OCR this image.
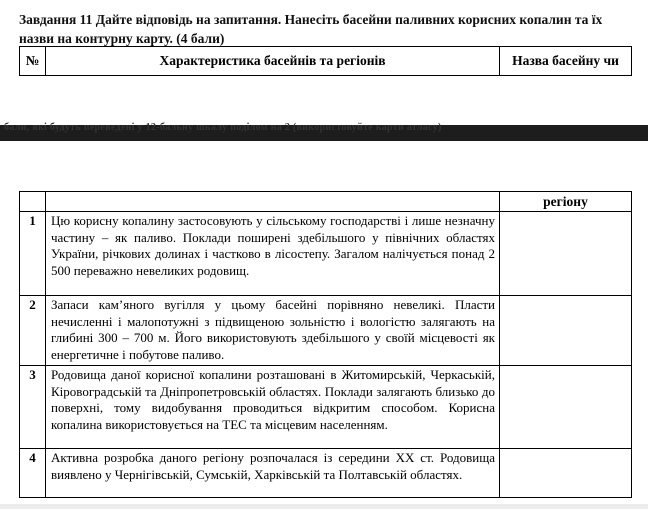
Завдання 11 Дайте відповідь на запитання. Нанесіть басейни паливних корисних копалин та їх назви на контурну карту. (4 бали)
№	Характеристика басейнів та регіонів	Назва басейну чи
бали, які будуть переведені у 12-бальну шкалу поділом на 2 (використовуйте карти атласу)
		регіону
1	Цю корисну копалину застосовують у сільському господарстві і лише незначну частину – як паливо. Поклади поширені здебільшого у північних областях України, річкових долинах і частково в лісостепу. Загалом налічується понад 2 500 переважно невеликих родовищ.	
2	Запаси кам’яного вугілля у цьому басейні порівняно невеликі. Пласти нечисленні і малопотужні з підвищеною зольністю і вологістю залягають на глибині 300 – 700 м. Його використовують здебільшого у своїй місцевості як енергетичне і побутове паливо.	
3	Родовища даної корисної копалини розташовані в Житомирській, Черкаській, Кіровоградській та Дніпропетровській областях. Поклади залягають близько до поверхні, тому видобування проводиться відкритим способом. Корисна копалина використовується на ТЕС та місцевим населенням.	
4	Активна розробка даного регіону розпочалася із середини ХХ ст. Родовища виявлено у Чернігівській, Сумській, Харківській та Полтавській областях.	
